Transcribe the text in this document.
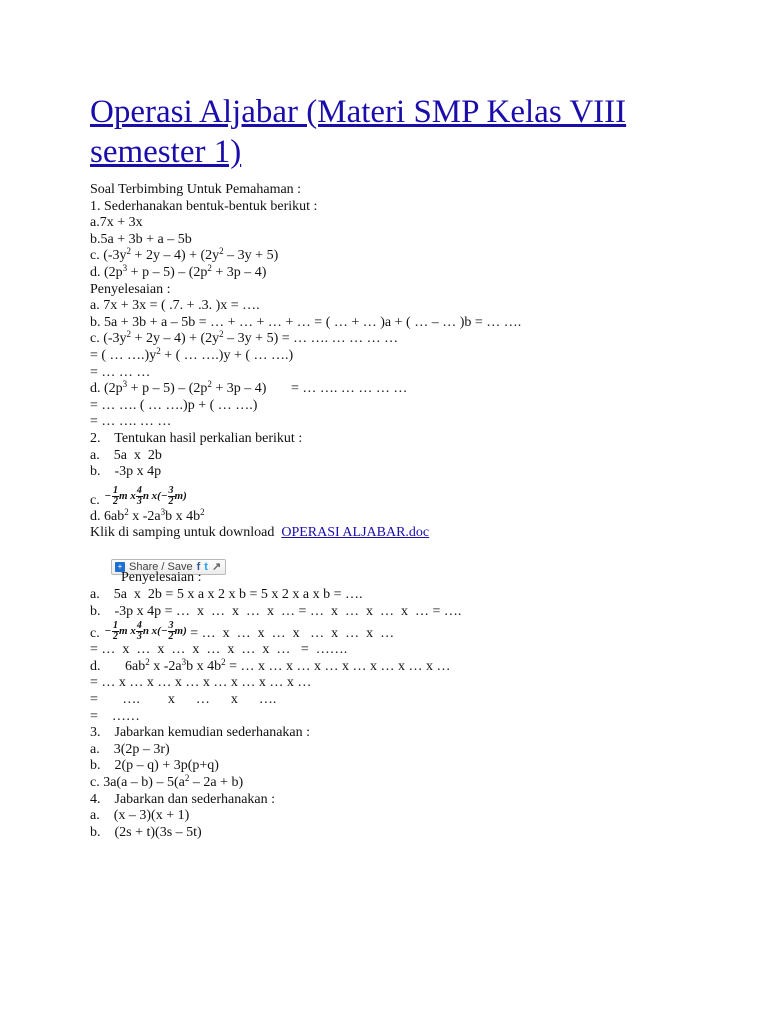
Operasi Aljabar (Materi SMP Kelas VIII semester 1)
Soal Terbimbing Untuk Pemahaman :
1. Sederhanakan bentuk-bentuk berikut :
a.7x + 3x
b.5a + 3b + a – 5b
c. $(-3y^2 + 2y - 4) + (2y^2 - 3y + 5)$
d. $(2p^3 + p - 5) - (2p^2 + 3p - 4)$
Penyelesaian :
a. 7x + 3x = ( .7. + .3. )x = ….
b. 5a + 3b + a – 5b = … + … + … + … = ( … + … )a + ( … – … )b = … ….
c. $(-3y^2 + 2y - 4) + (2y^2 - 3y + 5)$ = … …. … … … …
= ( … $\dots.)y^2$ + ( … ….)y + ( … ….)
= … … …
d. $(2p^3 + p - 5) - (2p^2 + 3p - 4)$       = … …. … … … …
= … …. ( … ….)p + ( … ….)
= … …. … …
2.    Tentukan hasil perkalian berikut :
a.    5a  x  2b
b.    -3p x 4p
c. − $\frac{1}{2}$ m x $\frac{4}{3}$ n $x(- \frac{3}{2} m)$
d. $6ab^2$ x $-2a^3b$ x $4b^2$
Klik di samping untuk download  OPERASI ALJABAR.doc

+ Share / Save f t ↗

Penyelesaian :
a.    5a  x  2b = 5 x a x 2 x b = 5 x 2 x a x b = ….
b.    -3p x 4p = …  x  …  x  …  x  … = …  x  …  x  …  x  … = ….
c. − $\frac{1}{2}$ m x $\frac{4}{3}$ n $x(- \frac{3}{2} m)$ = …  x  …  x  …  x   …  x  …  x  …
= …  x  …  x  …  x  …  x  …  x  …   =  …….
d.       $6ab^2$ x $-2a^3b$ x $4b^2$ = … x … x … x … x … x … x … x …
= … x … x … x … x … x … x … x …
=       ….        x      …      x      ….
=    ……
3.    Jabarkan kemudian sederhanakan :
a.    3(2p – 3r)
b.    2(p – q) + 3p(p+q)
c. $3a(a - b) - 5(a^2 - 2a + b)$
4.    Jabarkan dan sederhanakan :
a.    (x – 3)(x + 1)
b.    (2s + t)(3s – 5t)
